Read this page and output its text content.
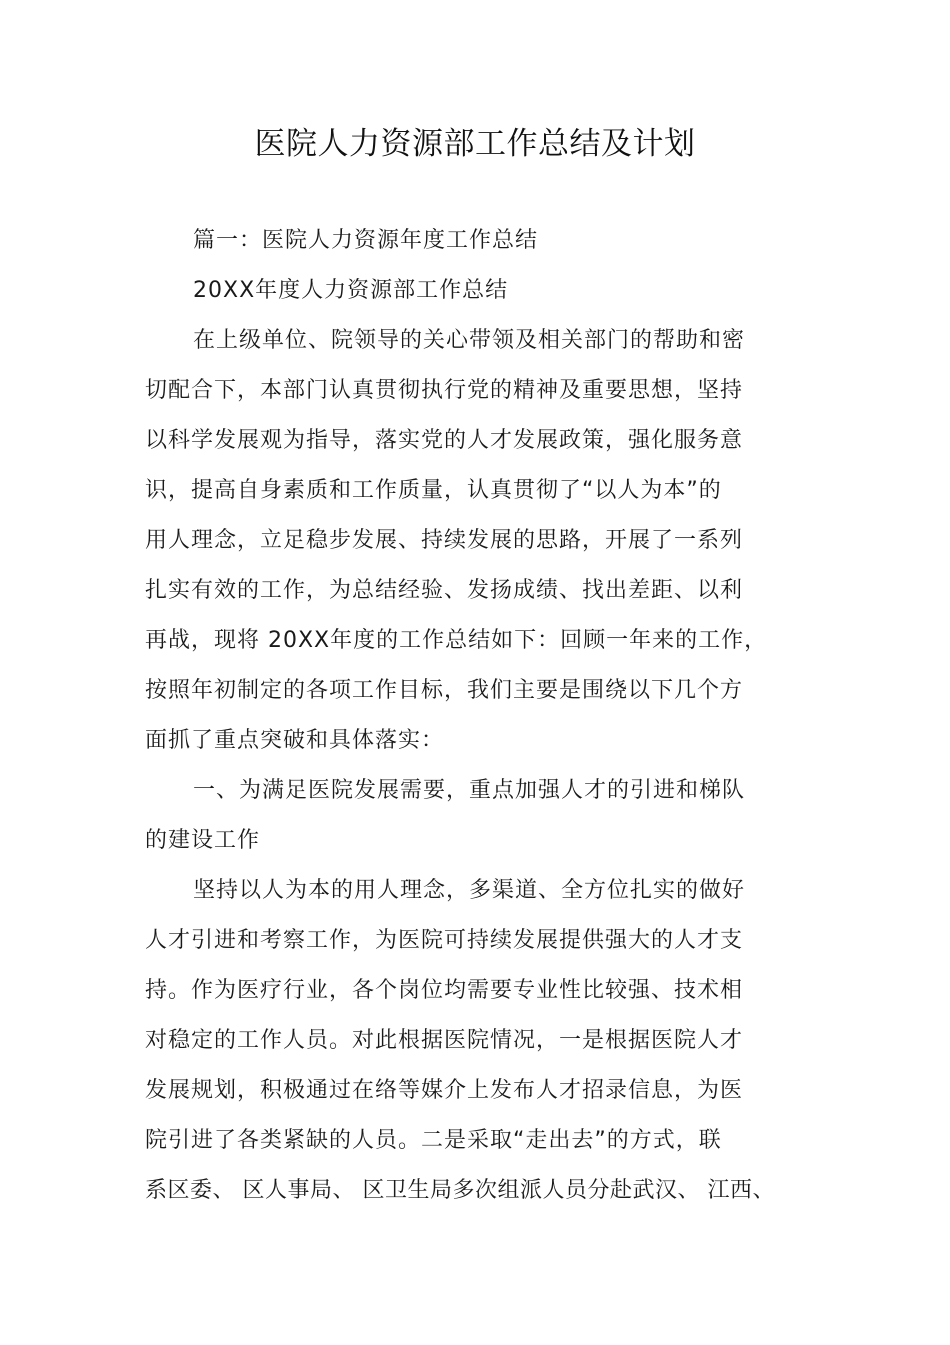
医院人力资源部工作总结及计划
篇一：医院人力资源年度工作总结
20XX年度人力资源部工作总结
在上级单位、院领导的关心带领及相关部门的帮助和密
切配合下，本部门认真贯彻执行党的精神及重要思想，坚持
以科学发展观为指导，落实党的人才发展政策，强化服务意
识，提高自身素质和工作质量，认真贯彻了“以人为本”的
用人理念，立足稳步发展、持续发展的思路，开展了一系列
扎实有效的工作，为总结经验、发扬成绩、找出差距、以利
再战，现将 20XX年度的工作总结如下：回顾一年来的工作，
按照年初制定的各项工作目标，我们主要是围绕以下几个方
面抓了重点突破和具体落实：
一、为满足医院发展需要，重点加强人才的引进和梯队
的建设工作
坚持以人为本的用人理念，多渠道、全方位扎实的做好
人才引进和考察工作，为医院可持续发展提供强大的人才支
持。作为医疗行业，各个岗位均需要专业性比较强、技术相
对稳定的工作人员。对此根据医院情况，一是根据医院人才
发展规划，积极通过在络等媒介上发布人才招录信息，为医
院引进了各类紧缺的人员。二是采取“走出去”的方式，联
系区委、 区人事局、 区卫生局多次组派人员分赴武汉、 江西、
